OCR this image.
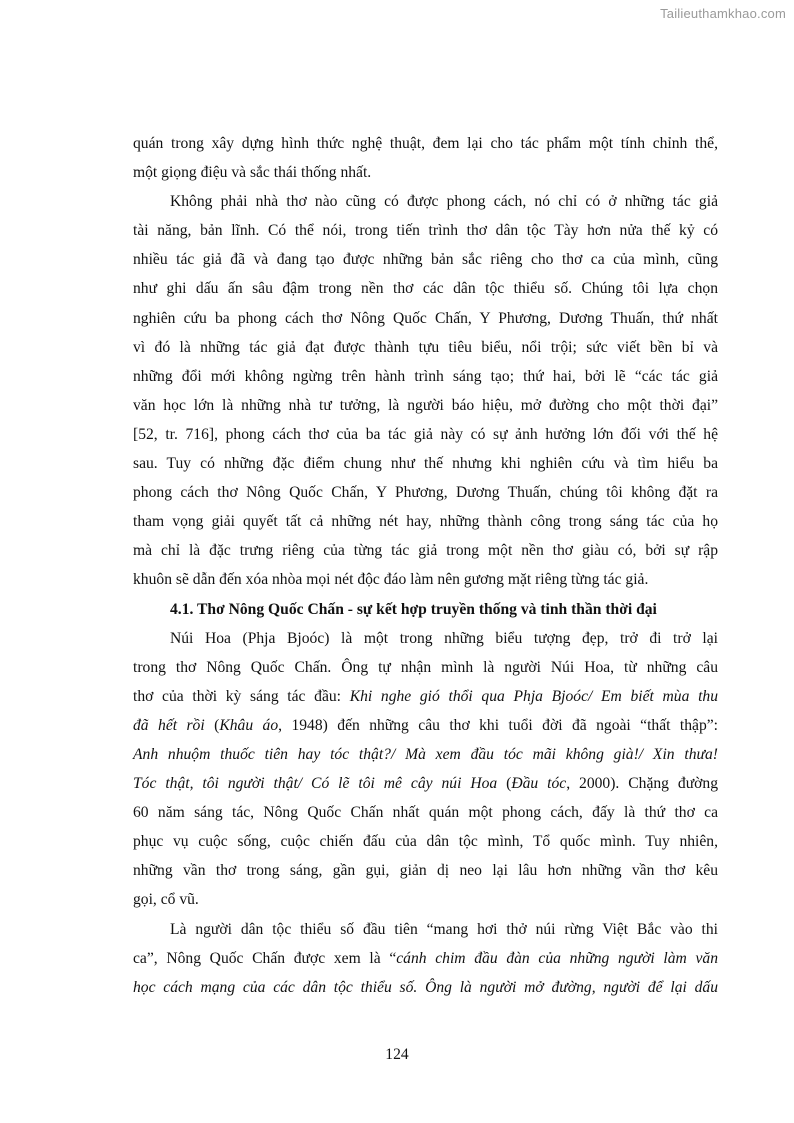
Tailieuthamkhao.com
quán trong xây dựng hình thức nghệ thuật, đem lại cho tác phẩm một tính chỉnh thể,
một giọng điệu và sắc thái thống nhất.
Không phải nhà thơ nào cũng có được phong cách, nó chỉ có ở những tác giả
tài năng, bản lĩnh. Có thể nói, trong tiến trình thơ dân tộc Tày hơn nửa thế kỷ có
nhiều tác giả đã và đang tạo được những bản sắc riêng cho thơ ca của mình, cũng
như ghi dấu ấn sâu đậm trong nền thơ các dân tộc thiểu số. Chúng tôi lựa chọn
nghiên cứu ba phong cách thơ Nông Quốc Chấn, Y Phương, Dương Thuấn, thứ nhất
vì đó là những tác giả đạt được thành tựu tiêu biểu, nổi trội; sức viết bền bỉ và
những đổi mới không ngừng trên hành trình sáng tạo; thứ hai, bởi lẽ “các tác giả
văn học lớn là những nhà tư tưởng, là người báo hiệu, mở đường cho một thời đại”
[52, tr. 716], phong cách thơ của ba tác giả này có sự ảnh hưởng lớn đối với thế hệ
sau. Tuy có những đặc điểm chung như thế nhưng khi nghiên cứu và tìm hiểu ba
phong cách thơ Nông Quốc Chấn, Y Phương, Dương Thuấn, chúng tôi không đặt ra
tham vọng giải quyết tất cả những nét hay, những thành công trong sáng tác của họ
mà chỉ là đặc trưng riêng của từng tác giả trong một nền thơ giàu có, bởi sự rập
khuôn sẽ dẫn đến xóa nhòa mọi nét độc đáo làm nên gương mặt riêng từng tác giả.
4.1. Thơ Nông Quốc Chấn - sự kết hợp truyền thống và tinh thần thời đại
Núi Hoa (Phja Bjoóc) là một trong những biểu tượng đẹp, trở đi trở lại
trong thơ Nông Quốc Chấn. Ông tự nhận mình là người Núi Hoa, từ những câu
thơ của thời kỳ sáng tác đầu: Khi nghe gió thổi qua Phja Bjoóc/ Em biết mùa thu
đã hết rồi (Khâu áo, 1948) đến những câu thơ khi tuổi đời đã ngoài “thất thập”:
Anh nhuộm thuốc tiên hay tóc thật?/ Mà xem đầu tóc mãi không già!/ Xin thưa!
Tóc thật, tôi người thật/ Có lẽ tôi mê cây núi Hoa (Đầu tóc, 2000). Chặng đường
60 năm sáng tác, Nông Quốc Chấn nhất quán một phong cách, đấy là thứ thơ ca
phục vụ cuộc sống, cuộc chiến đấu của dân tộc mình, Tổ quốc mình. Tuy nhiên,
những vần thơ trong sáng, gần gụi, giản dị neo lại lâu hơn những vần thơ kêu
gọi, cổ vũ.
Là người dân tộc thiểu số đầu tiên “mang hơi thở núi rừng Việt Bắc vào thi
ca”, Nông Quốc Chấn được xem là “cánh chim đầu đàn của những người làm văn
học cách mạng của các dân tộc thiểu số. Ông là người mở đường, người để lại dấu
124
